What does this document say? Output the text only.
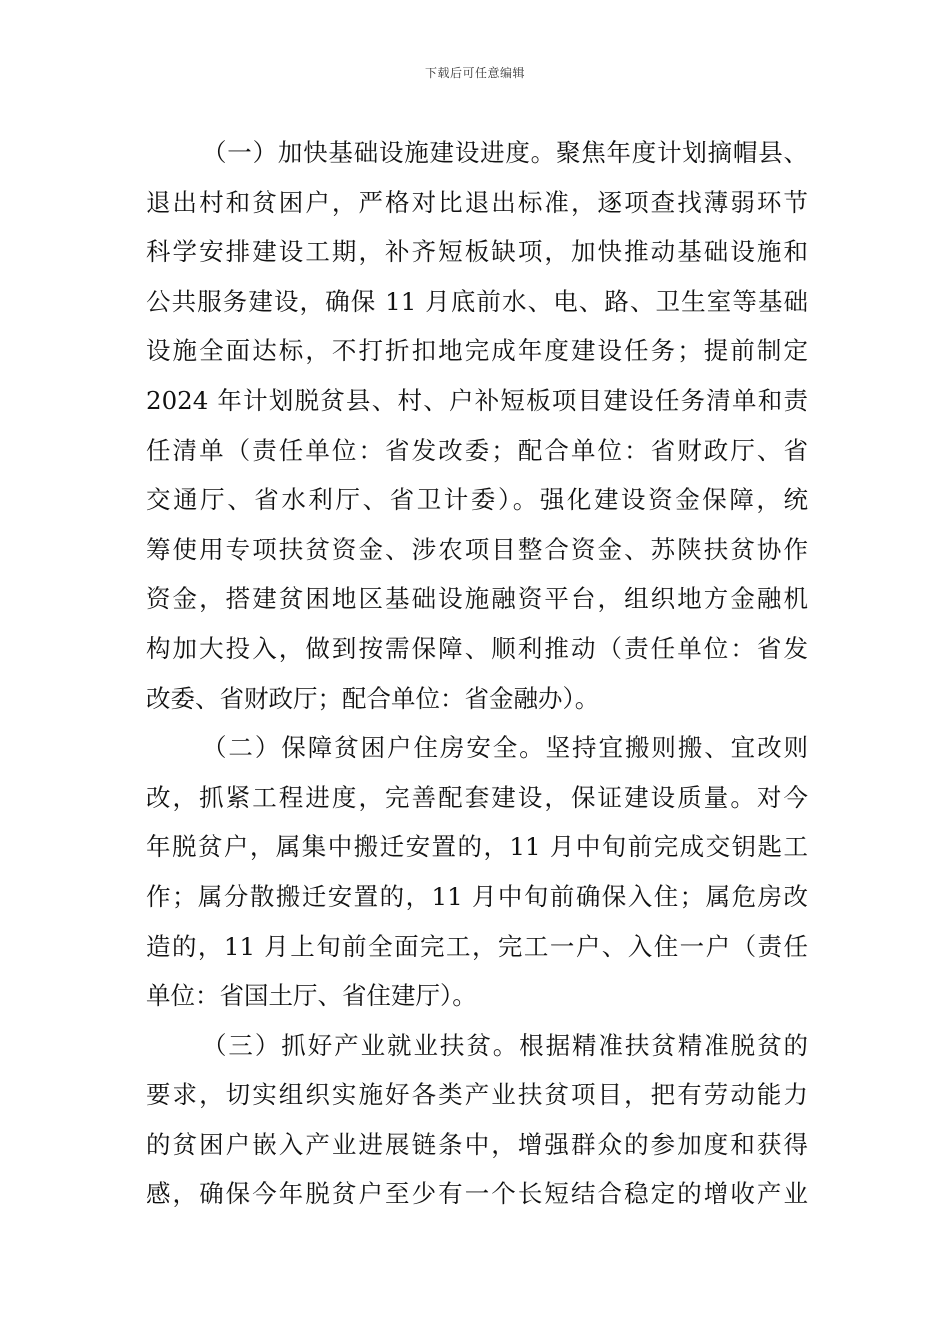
下载后可任意编辑
（一）加快基础设施建设进度。聚焦年度计划摘帽县、
退出村和贫困户，严格对比退出标准，逐项查找薄弱环节
科学安排建设工期，补齐短板缺项，加快推动基础设施和
公共服务建设，确保 11 月底前水、电、路、卫生室等基础
设施全面达标，不打折扣地完成年度建设任务；提前制定
2024 年计划脱贫县、村、户补短板项目建设任务清单和责
任清单（责任单位：省发改委；配合单位：省财政厅、省
交通厅、省水利厅、省卫计委）。强化建设资金保障，统
筹使用专项扶贫资金、涉农项目整合资金、苏陕扶贫协作
资金，搭建贫困地区基础设施融资平台，组织地方金融机
构加大投入，做到按需保障、顺利推动（责任单位：省发
改委、省财政厅；配合单位：省金融办）。
（二）保障贫困户住房安全。坚持宜搬则搬、宜改则
改，抓紧工程进度，完善配套建设，保证建设质量。对今
年脱贫户，属集中搬迁安置的，11 月中旬前完成交钥匙工
作；属分散搬迁安置的，11 月中旬前确保入住；属危房改
造的，11 月上旬前全面完工，完工一户、入住一户（责任
单位：省国土厅、省住建厅）。
（三）抓好产业就业扶贫。根据精准扶贫精准脱贫的
要求，切实组织实施好各类产业扶贫项目，把有劳动能力
的贫困户嵌入产业进展链条中，增强群众的参加度和获得
感，确保今年脱贫户至少有一个长短结合稳定的增收产业
